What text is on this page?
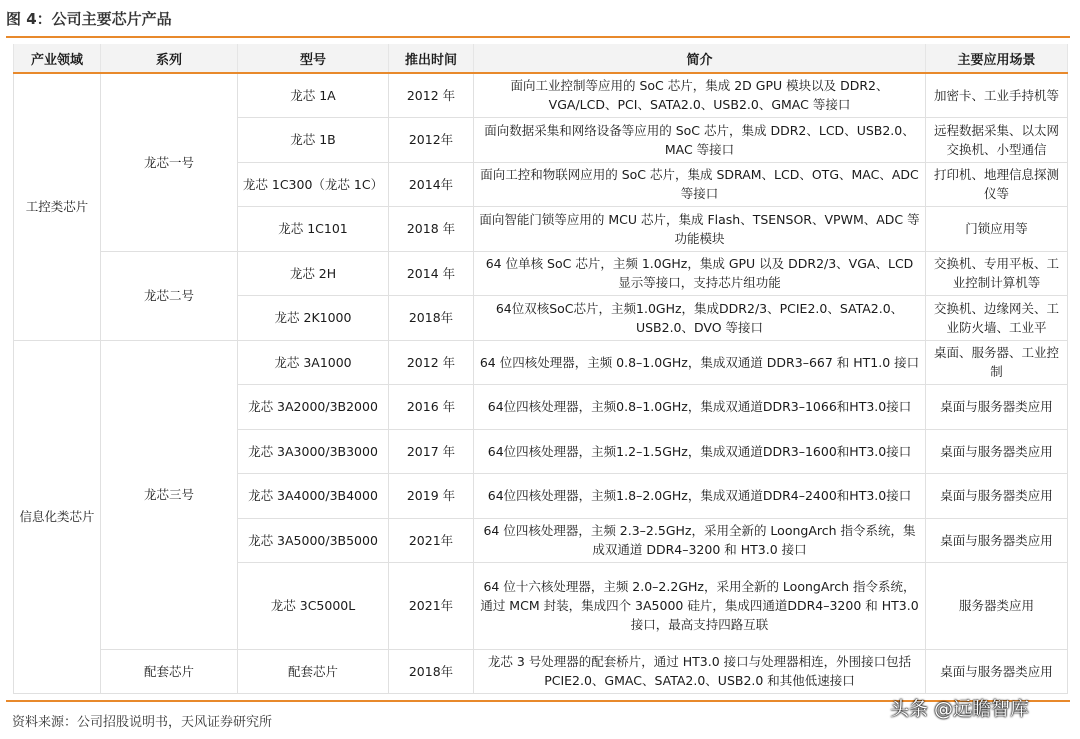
图 4：公司主要芯片产品
产业领域	系列	型号	推出时间	简介	主要应用场景
工控类芯片	龙芯一号	龙芯 1A	2012 年	面向工业控制等应用的 SoC 芯片，集成 2D GPU 模块以及 DDR2、VGA/LCD、PCI、SATA2.0、USB2.0、GMAC 等接口	加密卡、工业手持机等
		龙芯 1B	2012年	面向数据采集和网络设备等应用的 SoC 芯片，集成 DDR2、LCD、USB2.0、MAC 等接口	远程数据采集、以太网交换机、小型通信
		龙芯 1C300（龙芯 1C）	2014年	面向工控和物联网应用的 SoC 芯片，集成 SDRAM、LCD、OTG、MAC、ADC 等接口	打印机、地理信息探测仪等
		龙芯 1C101	2018 年	面向智能门锁等应用的 MCU 芯片，集成 Flash、TSENSOR、VPWM、ADC 等功能模块	门锁应用等
	龙芯二号	龙芯 2H	2014 年	64 位单核 SoC 芯片，主频 1.0GHz，集成 GPU 以及 DDR2/3、VGA、LCD 显示等接口，支持芯片组功能	交换机、专用平板、工业控制计算机等
		龙芯 2K1000	2018年	64位双核SoC芯片，主频1.0GHz，集成DDR2/3、PCIE2.0、SATA2.0、USB2.0、DVO 等接口	交换机、边缘网关、工业防火墙、工业平
信息化类芯片	龙芯三号	龙芯 3A1000	2012 年	64 位四核处理器，主频 0.8–1.0GHz，集成双通道 DDR3–667 和 HT1.0 接口	桌面、服务器、工业控制
		龙芯 3A2000/3B2000	2016 年	64位四核处理器，主频0.8–1.0GHz，集成双通道DDR3–1066和HT3.0接口	桌面与服务器类应用
		龙芯 3A3000/3B3000	2017 年	64位四核处理器，主频1.2–1.5GHz，集成双通道DDR3–1600和HT3.0接口	桌面与服务器类应用
		龙芯 3A4000/3B4000	2019 年	64位四核处理器，主频1.8–2.0GHz，集成双通道DDR4–2400和HT3.0接口	桌面与服务器类应用
		龙芯 3A5000/3B5000	2021年	64 位四核处理器，主频 2.3–2.5GHz，采用全新的 LoongArch 指令系统，集成双通道 DDR4–3200 和 HT3.0 接口	桌面与服务器类应用
		龙芯 3C5000L	2021年	64 位十六核处理器，主频 2.0–2.2GHz，采用全新的 LoongArch 指令系统，通过 MCM 封装，集成四个 3A5000 硅片，集成四通道DDR4–3200 和 HT3.0 接口，最高支持四路互联	服务器类应用
	配套芯片	配套芯片	2018年	龙芯 3 号处理器的配套桥片，通过 HT3.0 接口与处理器相连，外围接口包括 PCIE2.0、GMAC、SATA2.0、USB2.0 和其他低速接口	桌面与服务器类应用
资料来源：公司招股说明书，天风证券研究所
头条 @远瞻智库
